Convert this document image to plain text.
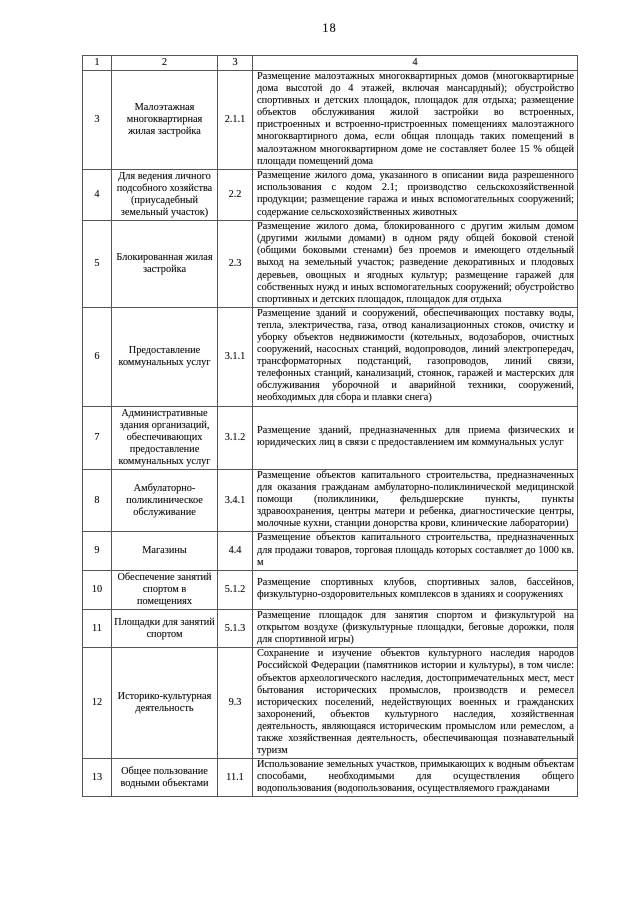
18
1	2	3	4
3	Малоэтажная многоквартирная жилая застройка	2.1.1	Размещение малоэтажных многоквартирных домов (многоквартирные дома высотой до 4 этажей, включая мансардный); обустройство спортивных и детских площадок, площадок для отдыха; размещение объектов обслуживания жилой застройки во встроенных, пристроенных и встроенно-пристроенных помещениях малоэтажного многоквартирного дома, если общая площадь таких помещений в малоэтажном многоквартирном доме не составляет более 15 % общей площади помещений дома
4	Для ведения личного подсобного хозяйства (приусадебный земельный участок)	2.2	Размещение жилого дома, указанного в описании вида разрешенного использования с кодом 2.1; производство сельскохозяйственной продукции; размещение гаража и иных вспомогательных сооружений; содержание сельскохозяйственных животных
5	Блокированная жилая застройка	2.3	Размещение жилого дома, блокированного с другим жилым домом (другими жилыми домами) в одном ряду общей боковой стеной (общими боковыми стенами) без проемов и имеющего отдельный выход на земельный участок; разведение декоративных и плодовых деревьев, овощных и ягодных культур; размещение гаражей для собственных нужд и иных вспомогательных сооружений; обустройство спортивных и детских площадок, площадок для отдыха
6	Предоставление коммунальных услуг	3.1.1	Размещение зданий и сооружений, обеспечивающих поставку воды, тепла, электричества, газа, отвод канализационных стоков, очистку и уборку объектов недвижимости (котельных, водозаборов, очистных сооружений, насосных станций, водопроводов, линий электропередач, трансформаторных подстанций, газопроводов, линий связи, телефонных станций, канализаций, стоянок, гаражей и мастерских для обслуживания уборочной и аварийной техники, сооружений, необходимых для сбора и плавки снега)
7	Административные здания организаций, обеспечивающих предоставление коммунальных услуг	3.1.2	Размещение зданий, предназначенных для приема физических и юридических лиц в связи с предоставлением им коммунальных услуг
8	Амбулаторно-поликлиническое обслуживание	3.4.1	Размещение объектов капитального строительства, предназначенных для оказания гражданам амбулаторно-поликлинической медицинской помощи (поликлиники, фельдшерские пункты, пункты здравоохранения, центры матери и ребенка, диагностические центры, молочные кухни, станции донорства крови, клинические лаборатории)
9	Магазины	4.4	Размещение объектов капитального строительства, предназначенных для продажи товаров, торговая площадь которых составляет до 1000 кв. м
10	Обеспечение занятий спортом в помещениях	5.1.2	Размещение спортивных клубов, спортивных залов, бассейнов, физкультурно-оздоровительных комплексов в зданиях и сооружениях
11	Площадки для занятий спортом	5.1.3	Размещение площадок для занятия спортом и физкультурой на открытом воздухе (физкультурные площадки, беговые дорожки, поля для спортивной игры)
12	Историко-культурная деятельность	9.3	Сохранение и изучение объектов культурного наследия народов Российской Федерации (памятников истории и культуры), в том числе: объектов археологического наследия, достопримечательных мест, мест бытования исторических промыслов, производств и ремесел исторических поселений, недействующих военных и гражданских захоронений, объектов культурного наследия, хозяйственная деятельность, являющаяся историческим промыслом или ремеслом, а также хозяйственная деятельность, обеспечивающая познавательный туризм
13	Общее пользование водными объектами	11.1	Использование земельных участков, примыкающих к водным объектам способами, необходимыми для осуществления общего водопользования (водопользования, осуществляемого гражданами
